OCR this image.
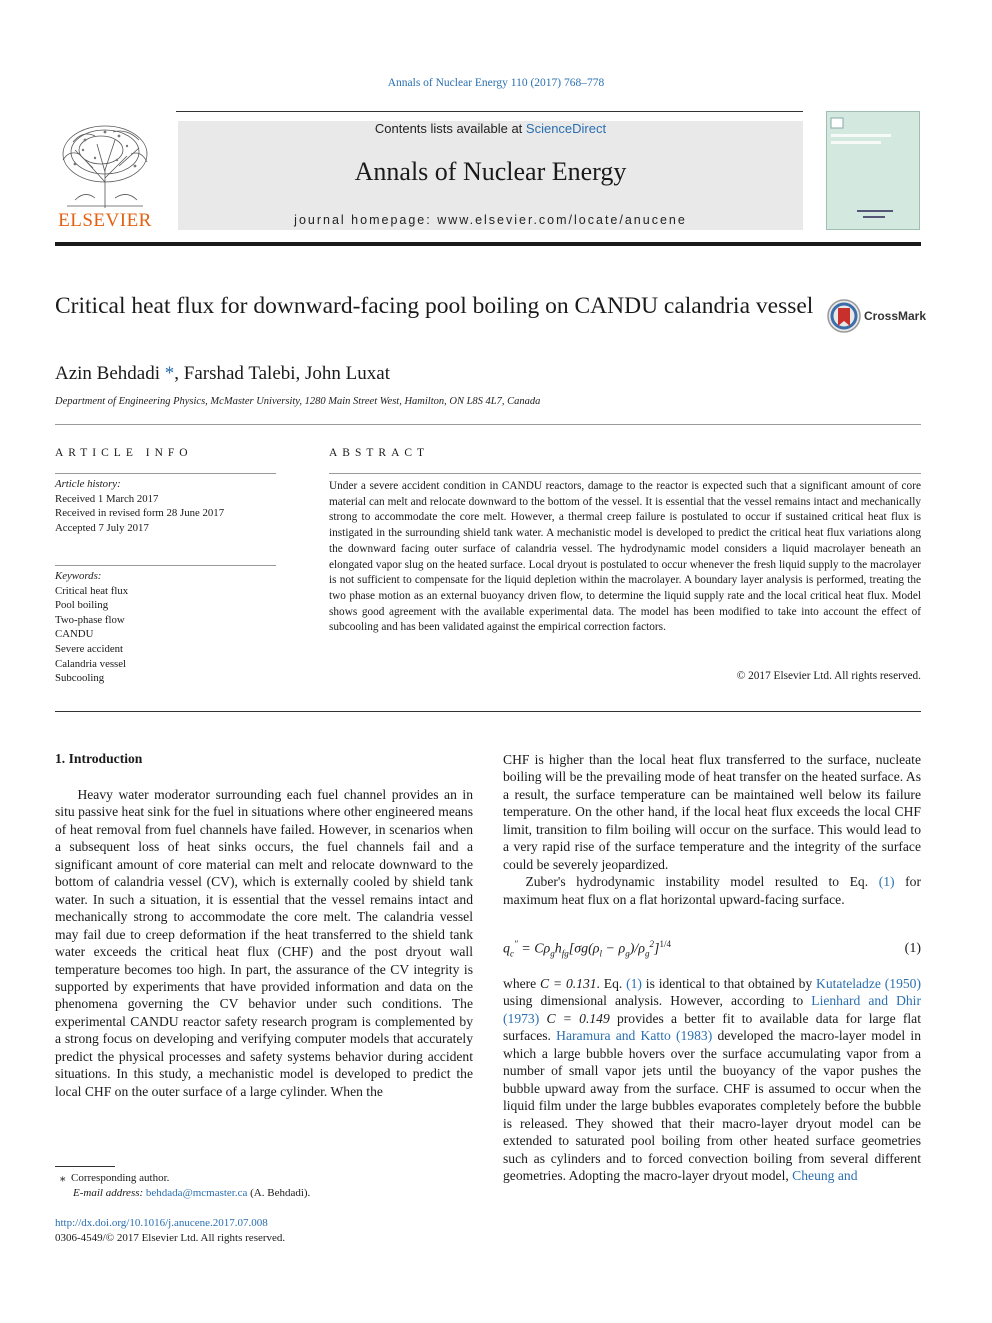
Annals of Nuclear Energy 110 (2017) 768–778
ELSEVIER
Contents lists available at ScienceDirect
Annals of Nuclear Energy
journal homepage: www.elsevier.com/locate/anucene
Critical heat flux for downward-facing pool boiling on CANDU calandria vessel	CrossMark
Azin Behdadi *, Farshad Talebi, John Luxat
Department of Engineering Physics, McMaster University, 1280 Main Street West, Hamilton, ON L8S 4L7, Canada
ARTICLE INFO	ABSTRACT
Article history:
Received 1 March 2017
Received in revised form 28 June 2017
Accepted 7 July 2017
Keywords:
Critical heat flux
Pool boiling
Two-phase flow
CANDU
Severe accident
Calandria vessel
Subcooling
Under a severe accident condition in CANDU reactors, damage to the reactor is expected such that a significant amount of core material can melt and relocate downward to the bottom of the vessel. It is essential that the vessel remains intact and mechanically strong to accommodate the core melt. However, a thermal creep failure is postulated to occur if sustained critical heat flux is instigated in the surrounding shield tank water. A mechanistic model is developed to predict the critical heat flux variations along the downward facing outer surface of calandria vessel. The hydrodynamic model considers a liquid macrolayer beneath an elongated vapor slug on the heated surface. Local dryout is postulated to occur whenever the fresh liquid supply to the macrolayer is not sufficient to compensate for the liquid depletion within the macrolayer. A boundary layer analysis is performed, treating the two phase motion as an external buoyancy driven flow, to determine the liquid supply rate and the local critical heat flux. Model shows good agreement with the available experimental data. The model has been modified to take into account the effect of subcooling and has been validated against the empirical correction factors.
© 2017 Elsevier Ltd. All rights reserved.
1. Introduction

Heavy water moderator surrounding each fuel channel provides an in situ passive heat sink for the fuel in situations where other engineered means of heat removal from fuel channels have failed. However, in scenarios when a subsequent loss of heat sinks occurs, the fuel channels fail and a significant amount of core material can melt and relocate downward to the bottom of calandria vessel (CV), which is externally cooled by shield tank water. In such a situation, it is essential that the vessel remains intact and mechanically strong to accommodate the core melt. The calandria vessel may fail due to creep deformation if the heat transferred to the shield tank water exceeds the critical heat flux (CHF) and the post dryout wall temperature becomes too high. In part, the assurance of the CV integrity is supported by experiments that have provided information and data on the phenomena governing the CV behavior under such conditions. The experimental CANDU reactor safety research program is complemented by a strong focus on developing and verifying computer models that accurately predict the physical processes and safety systems behavior during accident situations. In this study, a mechanistic model is developed to predict the local CHF on the outer surface of a large cylinder. When the

CHF is higher than the local heat flux transferred to the surface, nucleate boiling will be the prevailing mode of heat transfer on the heated surface. As a result, the surface temperature can be maintained well below its failure temperature. On the other hand, if the local heat flux exceeds the local CHF limit, transition to film boiling will occur on the surface. This would lead to a very rapid rise of the surface temperature and the integrity of the surface could be severely jeopardized.

Zuber's hydrodynamic instability model resulted to Eq. (1) for maximum heat flux on a flat horizontal upward-facing surface.

$q_c'' = C\rho_gh_{fg}[\sigma g(\rho_l - \rho_g)/\rho_g^2]^{1/4}$	(1)

where C = 0.131. Eq. (1) is identical to that obtained by Kutateladze (1950) using dimensional analysis. However, according to Lienhard and Dhir (1973) C = 0.149 provides a better fit to available data for large flat surfaces. Haramura and Katto (1983) developed the macro-layer model in which a large bubble hovers over the surface accumulating vapor from a number of small vapor jets until the buoyancy of the vapor pushes the bubble upward away from the surface. CHF is assumed to occur when the liquid film under the large bubbles evaporates completely before the bubble is released. They showed that their macro-layer dryout model can be extended to saturated pool boiling from other heated surface geometries such as cylinders and to forced convection boiling from several different geometries. Adopting the macro-layer dryout model, Cheung and

⁎ Corresponding author.
E-mail address: behdada@mcmaster.ca (A. Behdadi).
http://dx.doi.org/10.1016/j.anucene.2017.07.008
0306-4549/© 2017 Elsevier Ltd. All rights reserved.
